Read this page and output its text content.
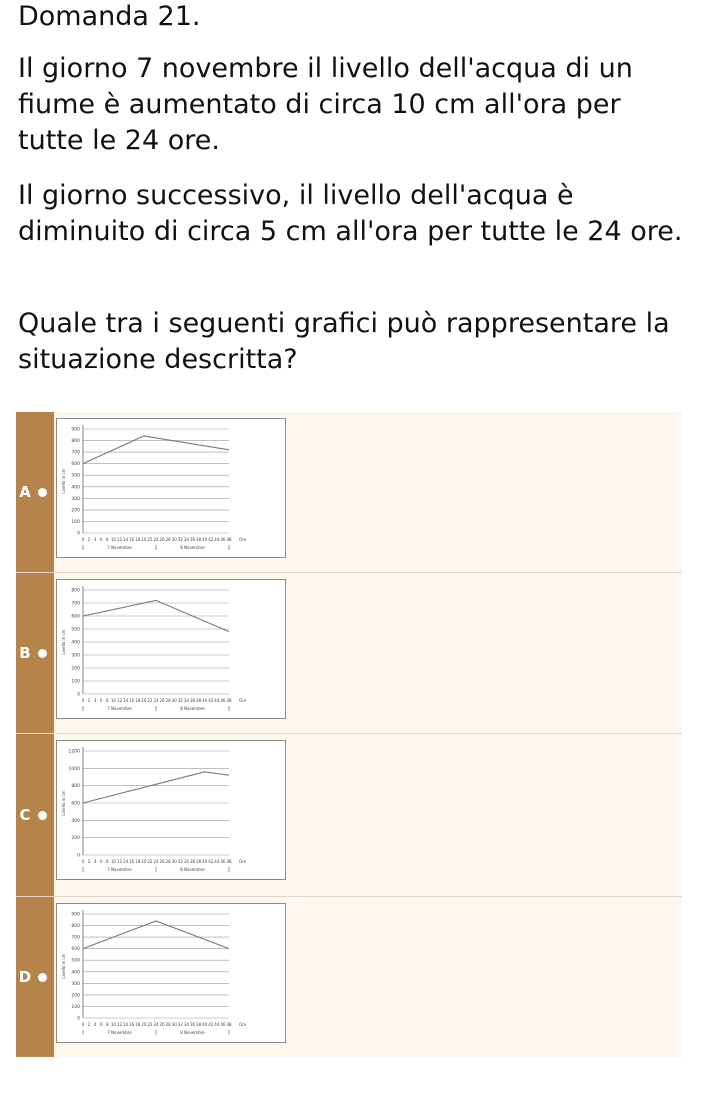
Domanda 21.
Il giorno 7 novembre il livello dell'acqua di un fiume è aumentato di circa 10 cm all'ora per tutte le 24 ore.
Il giorno successivo, il livello dell'acqua è diminuito di circa 5 cm all'ora per tutte le 24 ore.
Quale tra i seguenti grafici può rappresentare la situazione descritta?
A
0
100
200
300
400
500
600
700
800
900
Livello in cm
0 2 4 6 8 10 12 14 16 18 20 22 24 26 28 30 32 34 36 38 40 42 44 46 48 Ore
7 Novembre	8 Novembre
B
0
100
200
300
400
500
600
700
800
Livello in cm
0 2 4 6 8 10 12 14 16 18 20 22 24 26 28 30 32 34 36 38 40 42 44 46 48 Ore
7 Novembre	8 Novembre
C
0
200
400
600
800
1000
1200
Livello in cm
0 2 4 6 8 10 12 14 16 18 20 22 24 26 28 30 32 34 36 38 40 42 44 46 48 Ore
7 Novembre	8 Novembre
D
0
100
200
300
400
500
600
700
800
900
Livello in cm
0 2 4 6 8 10 12 14 16 18 20 22 24 26 28 30 32 34 36 38 40 42 44 46 48 Ore
7 Novembre	8 Novembre
